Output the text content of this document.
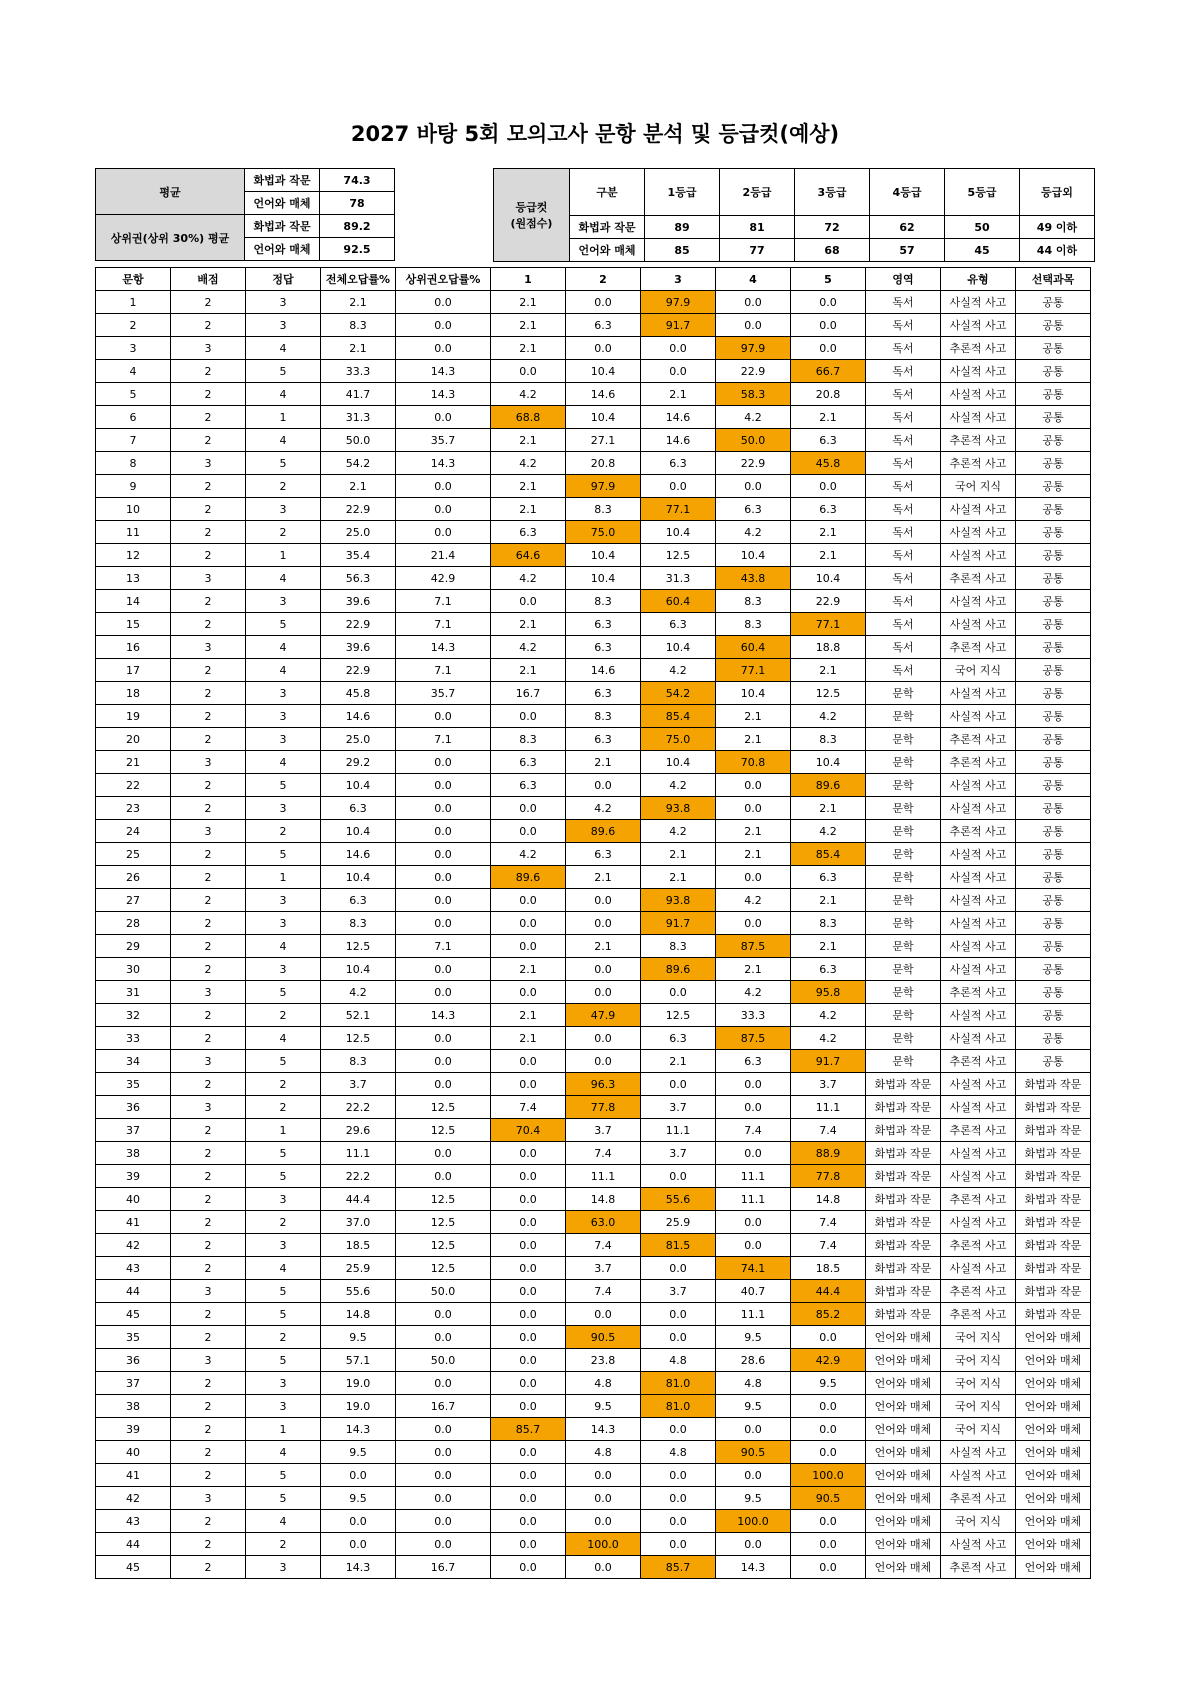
2027 바탕 5회 모의고사 문항 분석 및 등급컷(예상)
평균	화법과 작문	74.3
	언어와 매체	78
상위권(상위 30%) 평균	화법과 작문	89.2
	언어와 매체	92.5
등급컷
(원점수)	구분	1등급	2등급	3등급	4등급	5등급	등급외
	화법과 작문	89	81	72	62	50	49 이하
	언어와 매체	85	77	68	57	45	44 이하
문항	배점	정답	전체오답률%	상위권오답률%	1	2	3	4	5	영역	유형	선택과목
1	2	3	2.1	0.0	2.1	0.0	97.9	0.0	0.0	독서	사실적 사고	공통
2	2	3	8.3	0.0	2.1	6.3	91.7	0.0	0.0	독서	사실적 사고	공통
3	3	4	2.1	0.0	2.1	0.0	0.0	97.9	0.0	독서	추론적 사고	공통
4	2	5	33.3	14.3	0.0	10.4	0.0	22.9	66.7	독서	사실적 사고	공통
5	2	4	41.7	14.3	4.2	14.6	2.1	58.3	20.8	독서	사실적 사고	공통
6	2	1	31.3	0.0	68.8	10.4	14.6	4.2	2.1	독서	사실적 사고	공통
7	2	4	50.0	35.7	2.1	27.1	14.6	50.0	6.3	독서	추론적 사고	공통
8	3	5	54.2	14.3	4.2	20.8	6.3	22.9	45.8	독서	추론적 사고	공통
9	2	2	2.1	0.0	2.1	97.9	0.0	0.0	0.0	독서	국어 지식	공통
10	2	3	22.9	0.0	2.1	8.3	77.1	6.3	6.3	독서	사실적 사고	공통
11	2	2	25.0	0.0	6.3	75.0	10.4	4.2	2.1	독서	사실적 사고	공통
12	2	1	35.4	21.4	64.6	10.4	12.5	10.4	2.1	독서	사실적 사고	공통
13	3	4	56.3	42.9	4.2	10.4	31.3	43.8	10.4	독서	추론적 사고	공통
14	2	3	39.6	7.1	0.0	8.3	60.4	8.3	22.9	독서	사실적 사고	공통
15	2	5	22.9	7.1	2.1	6.3	6.3	8.3	77.1	독서	사실적 사고	공통
16	3	4	39.6	14.3	4.2	6.3	10.4	60.4	18.8	독서	추론적 사고	공통
17	2	4	22.9	7.1	2.1	14.6	4.2	77.1	2.1	독서	국어 지식	공통
18	2	3	45.8	35.7	16.7	6.3	54.2	10.4	12.5	문학	사실적 사고	공통
19	2	3	14.6	0.0	0.0	8.3	85.4	2.1	4.2	문학	사실적 사고	공통
20	2	3	25.0	7.1	8.3	6.3	75.0	2.1	8.3	문학	추론적 사고	공통
21	3	4	29.2	0.0	6.3	2.1	10.4	70.8	10.4	문학	추론적 사고	공통
22	2	5	10.4	0.0	6.3	0.0	4.2	0.0	89.6	문학	사실적 사고	공통
23	2	3	6.3	0.0	0.0	4.2	93.8	0.0	2.1	문학	사실적 사고	공통
24	3	2	10.4	0.0	0.0	89.6	4.2	2.1	4.2	문학	추론적 사고	공통
25	2	5	14.6	0.0	4.2	6.3	2.1	2.1	85.4	문학	사실적 사고	공통
26	2	1	10.4	0.0	89.6	2.1	2.1	0.0	6.3	문학	사실적 사고	공통
27	2	3	6.3	0.0	0.0	0.0	93.8	4.2	2.1	문학	사실적 사고	공통
28	2	3	8.3	0.0	0.0	0.0	91.7	0.0	8.3	문학	사실적 사고	공통
29	2	4	12.5	7.1	0.0	2.1	8.3	87.5	2.1	문학	사실적 사고	공통
30	2	3	10.4	0.0	2.1	0.0	89.6	2.1	6.3	문학	사실적 사고	공통
31	3	5	4.2	0.0	0.0	0.0	0.0	4.2	95.8	문학	추론적 사고	공통
32	2	2	52.1	14.3	2.1	47.9	12.5	33.3	4.2	문학	사실적 사고	공통
33	2	4	12.5	0.0	2.1	0.0	6.3	87.5	4.2	문학	사실적 사고	공통
34	3	5	8.3	0.0	0.0	0.0	2.1	6.3	91.7	문학	추론적 사고	공통
35	2	2	3.7	0.0	0.0	96.3	0.0	0.0	3.7	화법과 작문	사실적 사고	화법과 작문
36	3	2	22.2	12.5	7.4	77.8	3.7	0.0	11.1	화법과 작문	사실적 사고	화법과 작문
37	2	1	29.6	12.5	70.4	3.7	11.1	7.4	7.4	화법과 작문	추론적 사고	화법과 작문
38	2	5	11.1	0.0	0.0	7.4	3.7	0.0	88.9	화법과 작문	사실적 사고	화법과 작문
39	2	5	22.2	0.0	0.0	11.1	0.0	11.1	77.8	화법과 작문	사실적 사고	화법과 작문
40	2	3	44.4	12.5	0.0	14.8	55.6	11.1	14.8	화법과 작문	추론적 사고	화법과 작문
41	2	2	37.0	12.5	0.0	63.0	25.9	0.0	7.4	화법과 작문	사실적 사고	화법과 작문
42	2	3	18.5	12.5	0.0	7.4	81.5	0.0	7.4	화법과 작문	추론적 사고	화법과 작문
43	2	4	25.9	12.5	0.0	3.7	0.0	74.1	18.5	화법과 작문	사실적 사고	화법과 작문
44	3	5	55.6	50.0	0.0	7.4	3.7	40.7	44.4	화법과 작문	추론적 사고	화법과 작문
45	2	5	14.8	0.0	0.0	0.0	0.0	11.1	85.2	화법과 작문	추론적 사고	화법과 작문
35	2	2	9.5	0.0	0.0	90.5	0.0	9.5	0.0	언어와 매체	국어 지식	언어와 매체
36	3	5	57.1	50.0	0.0	23.8	4.8	28.6	42.9	언어와 매체	국어 지식	언어와 매체
37	2	3	19.0	0.0	0.0	4.8	81.0	4.8	9.5	언어와 매체	국어 지식	언어와 매체
38	2	3	19.0	16.7	0.0	9.5	81.0	9.5	0.0	언어와 매체	국어 지식	언어와 매체
39	2	1	14.3	0.0	85.7	14.3	0.0	0.0	0.0	언어와 매체	국어 지식	언어와 매체
40	2	4	9.5	0.0	0.0	4.8	4.8	90.5	0.0	언어와 매체	사실적 사고	언어와 매체
41	2	5	0.0	0.0	0.0	0.0	0.0	0.0	100.0	언어와 매체	사실적 사고	언어와 매체
42	3	5	9.5	0.0	0.0	0.0	0.0	9.5	90.5	언어와 매체	추론적 사고	언어와 매체
43	2	4	0.0	0.0	0.0	0.0	0.0	100.0	0.0	언어와 매체	국어 지식	언어와 매체
44	2	2	0.0	0.0	0.0	100.0	0.0	0.0	0.0	언어와 매체	사실적 사고	언어와 매체
45	2	3	14.3	16.7	0.0	0.0	85.7	14.3	0.0	언어와 매체	추론적 사고	언어와 매체
